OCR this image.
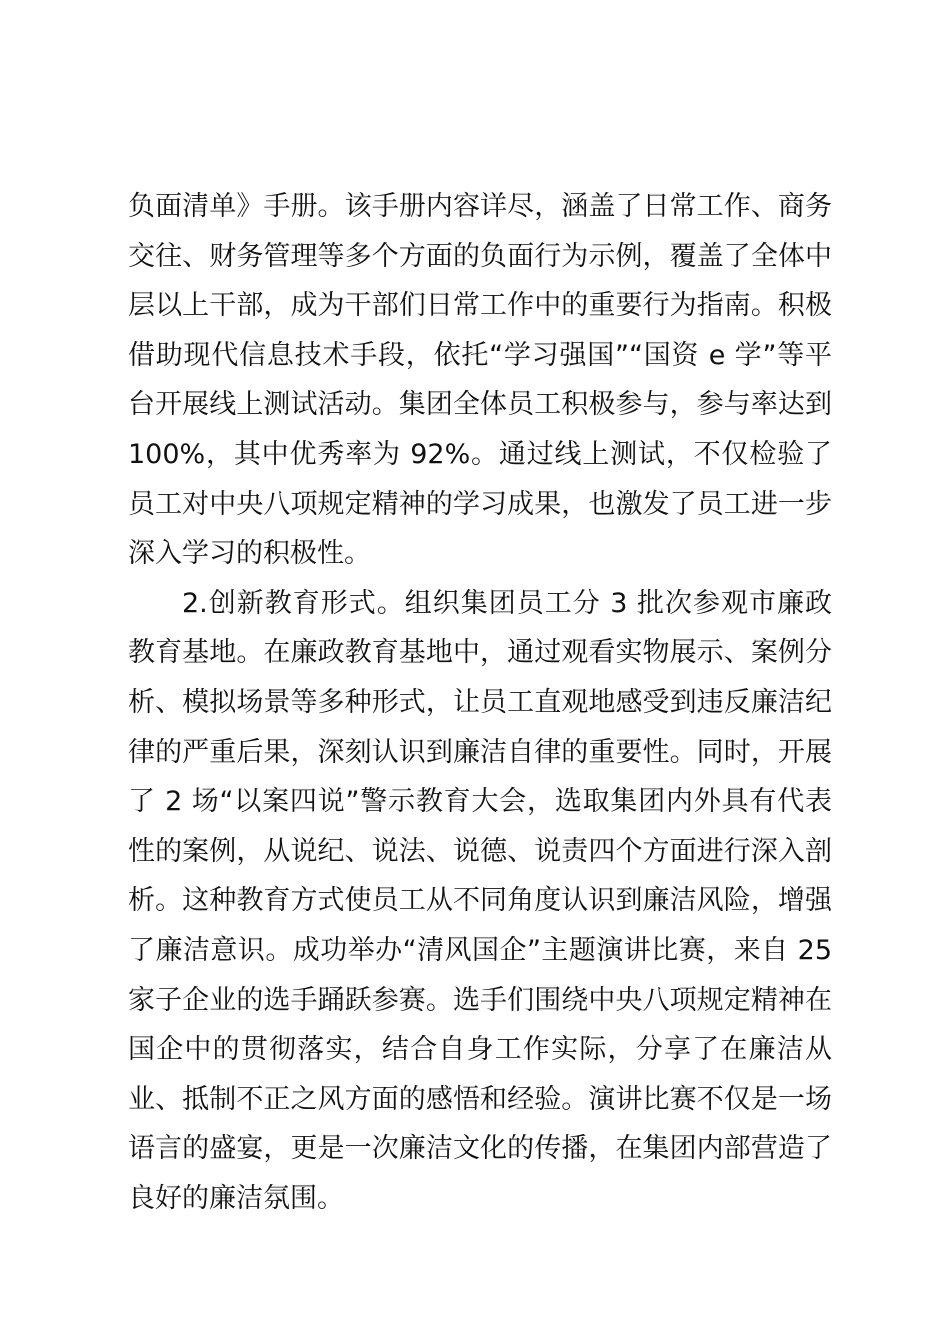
负面清单》手册。该手册内容详尽，涵盖了日常工作、商务交往、财务管理等多个方面的负面行为示例，覆盖了全体中层以上干部，成为干部们日常工作中的重要行为指南。积极借助现代信息技术手段，依托“学习强国”“国资 e 学”等平台开展线上测试活动。集团全体员工积极参与，参与率达到 100%，其中优秀率为 92%。通过线上测试，不仅检验了员工对中央八项规定精神的学习成果，也激发了员工进一步深入学习的积极性。

2.创新教育形式。组织集团员工分 3 批次参观市廉政教育基地。在廉政教育基地中，通过观看实物展示、案例分析、模拟场景等多种形式，让员工直观地感受到违反廉洁纪律的严重后果，深刻认识到廉洁自律的重要性。同时，开展了 2 场“以案四说”警示教育大会，选取集团内外具有代表性的案例，从说纪、说法、说德、说责四个方面进行深入剖析。这种教育方式使员工从不同角度认识到廉洁风险，增强了廉洁意识。成功举办“清风国企”主题演讲比赛，来自 25 家子企业的选手踊跃参赛。选手们围绕中央八项规定精神在国企中的贯彻落实，结合自身工作实际，分享了在廉洁从业、抵制不正之风方面的感悟和经验。演讲比赛不仅是一场语言的盛宴，更是一次廉洁文化的传播，在集团内部营造了良好的廉洁氛围。
